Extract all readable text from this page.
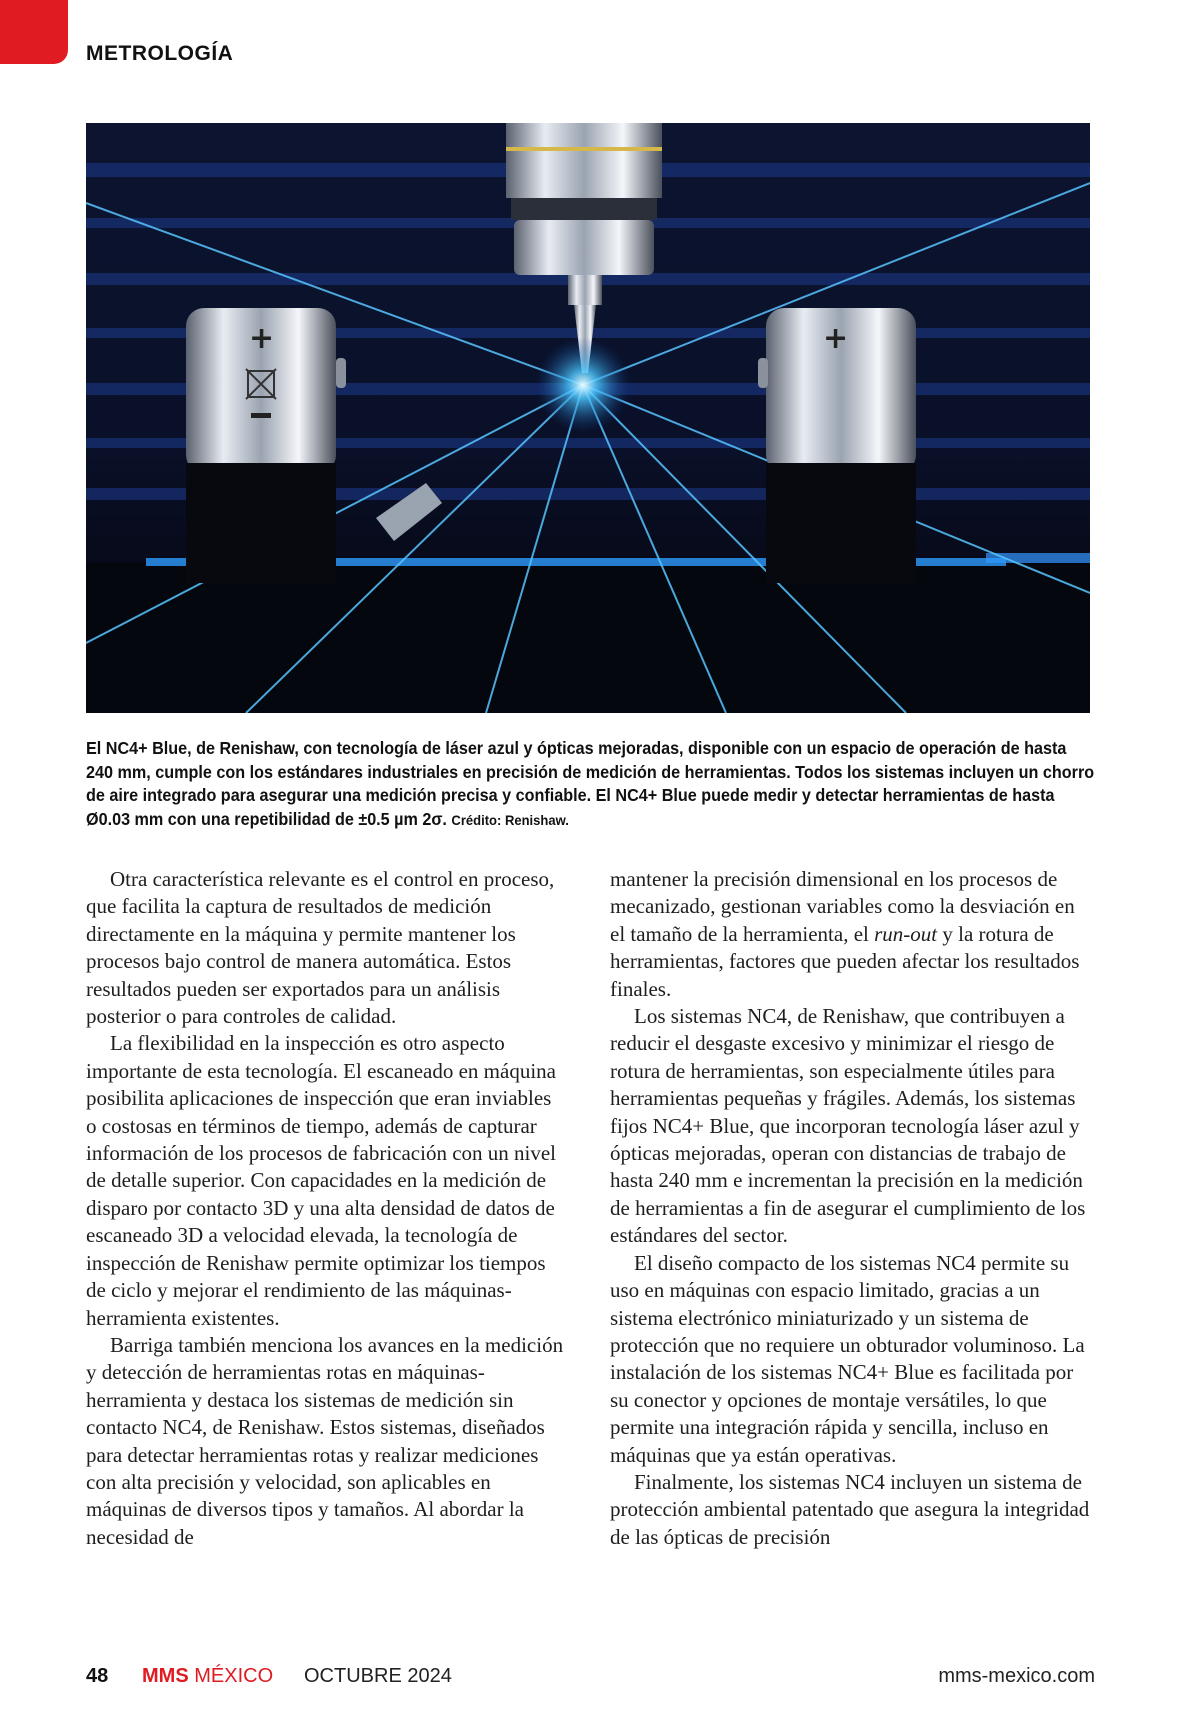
METROLOGÍA
+	+
El NC4+ Blue, de Renishaw, con tecnología de láser azul y ópticas mejoradas, disponible con un espacio de operación de hasta 240 mm, cumple con los estándares industriales en precisión de medición de herramientas. Todos los sistemas incluyen un chorro de aire integrado para asegurar una medición precisa y confiable. El NC4+ Blue puede medir y detectar herramientas de hasta Ø0.03 mm con una repetibilidad de ±0.5 µm 2σ. Crédito: Renishaw.

Otra característica relevante es el control en proceso, que facilita la captura de resultados de medición directamente en la máquina y permite mantener los procesos bajo control de manera automática. Estos resultados pueden ser exportados para un análisis posterior o para controles de calidad.

La flexibilidad en la inspección es otro aspecto importante de esta tecnología. El escaneado en máquina posibilita aplicaciones de inspección que eran inviables o costosas en términos de tiempo, además de capturar información de los procesos de fabricación con un nivel de detalle superior. Con capacidades en la medición de disparo por contacto 3D y una alta densidad de datos de escaneado 3D a velocidad elevada, la tecnología de inspección de Renishaw permite optimizar los tiempos de ciclo y mejorar el rendimiento de las máquinas-herramienta existentes.

Barriga también menciona los avances en la medición y detección de herramientas rotas en máquinas-herramienta y destaca los sistemas de medición sin contacto NC4, de Renishaw. Estos sistemas, diseñados para detectar herramientas rotas y realizar mediciones con alta precisión y velocidad, son aplicables en máquinas de diversos tipos y tamaños. Al abordar la necesidad de

mantener la precisión dimensional en los procesos de mecanizado, gestionan variables como la desviación en el tamaño de la herramienta, el run-out y la rotura de herramientas, factores que pueden afectar los resultados finales.

Los sistemas NC4, de Renishaw, que contribuyen a reducir el desgaste excesivo y minimizar el riesgo de rotura de herramientas, son especialmente útiles para herramientas pequeñas y frágiles. Además, los sistemas fijos NC4+ Blue, que incorporan tecnología láser azul y ópticas mejoradas, operan con distancias de trabajo de hasta 240 mm e incrementan la precisión en la medición de herramientas a fin de asegurar el cumplimiento de los estándares del sector.

El diseño compacto de los sistemas NC4 permite su uso en máquinas con espacio limitado, gracias a un sistema electrónico miniaturizado y un sistema de protección que no requiere un obturador voluminoso. La instalación de los sistemas NC4+ Blue es facilitada por su conector y opciones de montaje versátiles, lo que permite una integración rápida y sencilla, incluso en máquinas que ya están operativas.

Finalmente, los sistemas NC4 incluyen un sistema de protección ambiental patentado que asegura la integridad de las ópticas de precisión

48 MMS MÉXICO OCTUBRE 2024	mms-mexico.com
